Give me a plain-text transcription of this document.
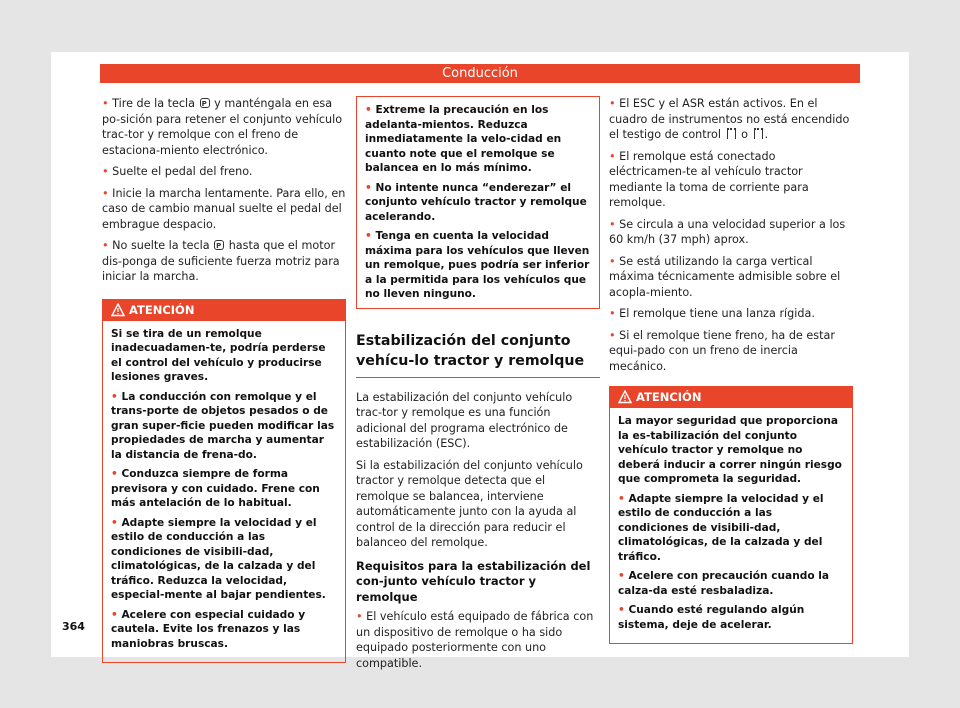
Conducción

• Tire de la tecla P y manténgala en esa po-sición para retener el conjunto vehículo trac-tor y remolque con el freno de estaciona-miento electrónico.

• Suelte el pedal del freno.

• Inicie la marcha lentamente. Para ello, en caso de cambio manual suelte el pedal del embrague despacio.

• No suelte la tecla P hasta que el motor dis-ponga de suficiente fuerza motriz para iniciar la marcha.

ATENCIÓN

Si se tira de un remolque inadecuadamen-te, podría perderse el control del vehículo y producirse lesiones graves.

• La conducción con remolque y el trans-porte de objetos pesados o de gran super-ficie pueden modificar las propiedades de marcha y aumentar la distancia de frena-do.

• Conduzca siempre de forma previsora y con cuidado. Frene con más antelación de lo habitual.

• Adapte siempre la velocidad y el estilo de conducción a las condiciones de visibili-dad, climatológicas, de la calzada y del tráfico. Reduzca la velocidad, especial-mente al bajar pendientes.

• Acelere con especial cuidado y cautela. Evite los frenazos y las maniobras bruscas.

• Extreme la precaución en los adelanta-mientos. Reduzca inmediatamente la velo-cidad en cuanto note que el remolque se balancea en lo más mínimo.

• No intente nunca “enderezar” el conjunto vehículo tractor y remolque acelerando.

• Tenga en cuenta la velocidad máxima para los vehículos que lleven un remolque, pues podría ser inferior a la permitida para los vehículos que no lleven ninguno.

Estabilización del conjunto vehícu-lo tractor y remolque

La estabilización del conjunto vehículo trac-tor y remolque es una función adicional del programa electrónico de estabilización (ESC).

Si la estabilización del conjunto vehículo tractor y remolque detecta que el remolque se balancea, interviene automáticamente junto con la ayuda al control de la dirección para reducir el balanceo del remolque.

Requisitos para la estabilización del con-junto vehículo tractor y remolque

• El vehículo está equipado de fábrica con un dispositivo de remolque o ha sido equipado posteriormente con uno compatible.

• El ESC y el ASR están activos. En el cuadro de instrumentos no está encendido el testigo de control o .

• El remolque está conectado eléctricamen-te al vehículo tractor mediante la toma de corriente para remolque.

• Se circula a una velocidad superior a los 60 km/h (37 mph) aprox.

• Se está utilizando la carga vertical máxima técnicamente admisible sobre el acopla-miento.

• El remolque tiene una lanza rígida.

• Si el remolque tiene freno, ha de estar equi-pado con un freno de inercia mecánico.

ATENCIÓN

La mayor seguridad que proporciona la es-tabilización del conjunto vehículo tractor y remolque no deberá inducir a correr ningún riesgo que comprometa la seguridad.

• Adapte siempre la velocidad y el estilo de conducción a las condiciones de visibili-dad, climatológicas, de la calzada y del tráfico.

• Acelere con precaución cuando la calza-da esté resbaladiza.

• Cuando esté regulando algún sistema, deje de acelerar.

364
